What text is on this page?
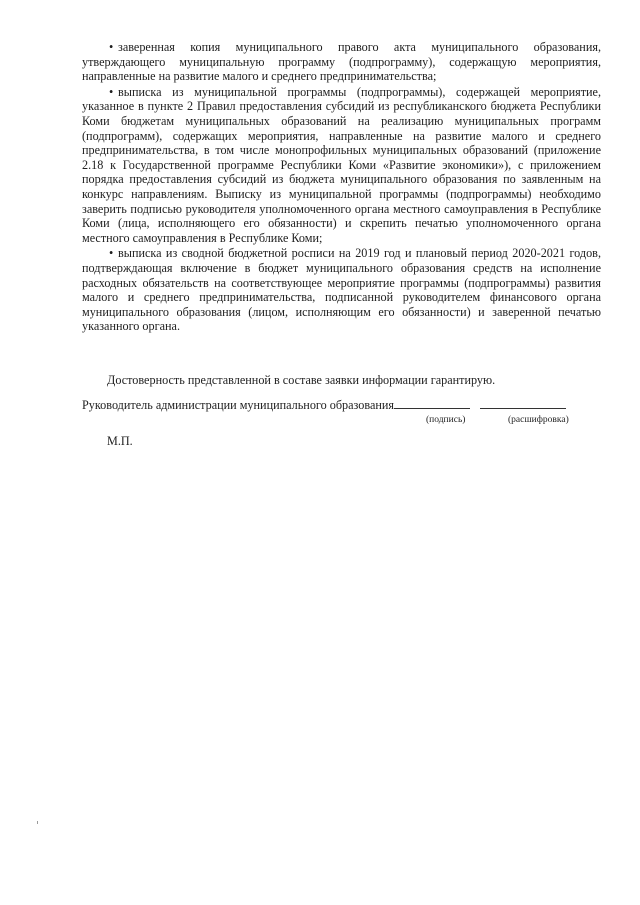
• заверенная копия муниципального правого акта муниципального образования, утверждающего муниципальную программу (подпрограмму), содержащую мероприятия, направленные на развитие малого и среднего предпринимательства;

• выписка из муниципальной программы (подпрограммы), содержащей мероприятие, указанное в пункте 2 Правил предоставления субсидий из республиканского бюджета Республики Коми бюджетам муниципальных образований на реализацию муниципальных программ (подпрограмм), содержащих мероприятия, направленные на развитие малого и среднего предпринимательства, в том числе монопрофильных муниципальных образований (приложение 2.18 к Государственной программе Республики Коми «Развитие экономики»), с приложением порядка предоставления субсидий из бюджета муниципального образования по заявленным на конкурс направлениям. Выписку из муниципальной программы (подпрограммы) необходимо заверить подписью руководителя уполномоченного органа местного самоуправления в Республике Коми (лица, исполняющего его обязанности) и скрепить печатью уполномоченного органа местного самоуправления в Республике Коми;

• выписка из сводной бюджетной росписи на 2019 год и плановый период 2020-2021 годов, подтверждающая включение в бюджет муниципального образования средств на исполнение расходных обязательств на соответствующее мероприятие программы (подпрограммы) развития малого и среднего предпринимательства, подписанной руководителем финансового органа муниципального образования (лицом, исполняющим его обязанности) и заверенной печатью указанного органа.

Достоверность представленной в составе заявки информации гарантирую.
Руководитель администрации муниципального образования
(подпись)	(расшифровка)
М.П.
